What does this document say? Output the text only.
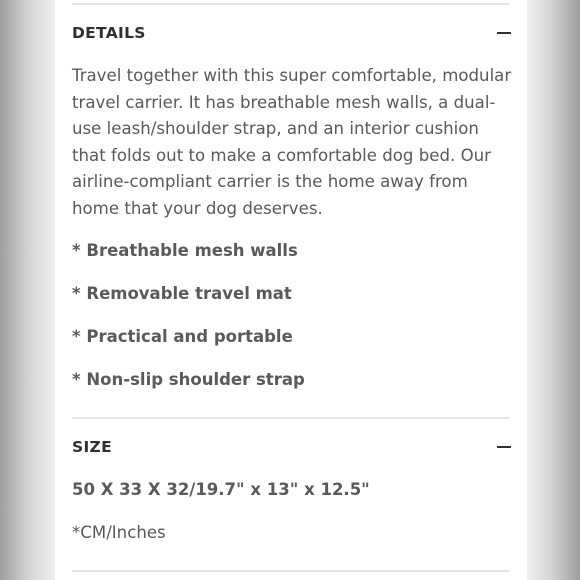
DETAILS

Travel together with this super comfortable, modular travel carrier. It has breathable mesh walls, a dual-use leash/shoulder strap, and an interior cushion that folds out to make a comfortable dog bed. Our airline-compliant carrier is the home away from home that your dog deserves.

* Breathable mesh walls
* Removable travel mat
* Practical and portable
* Non-slip shoulder strap
SIZE
50 X 33 X 32/19.7" x 13" x 12.5"
*CM/Inches
